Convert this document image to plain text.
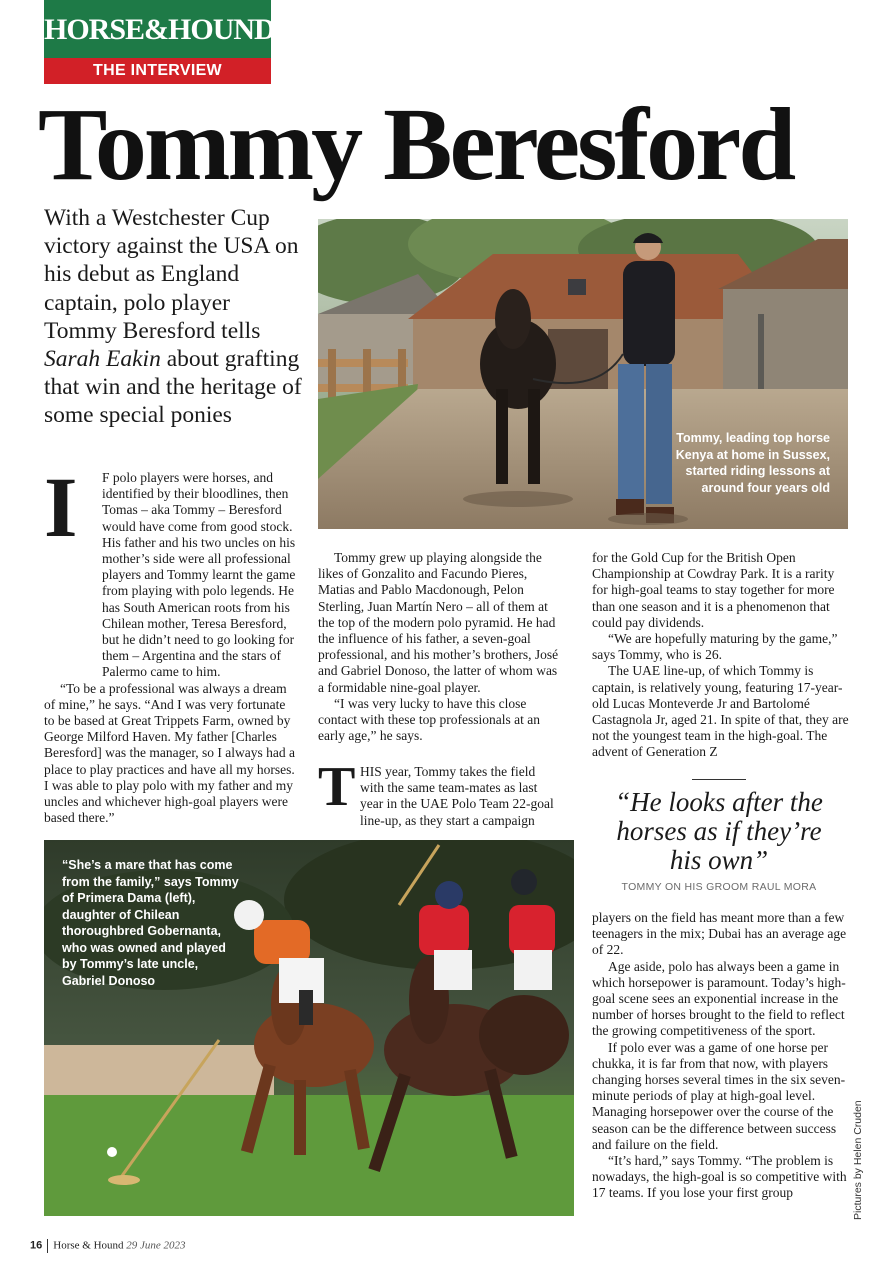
HORSE&HOUND
THE INTERVIEW
Tommy Beresford
With a Westchester Cup victory against the USA on his debut as England captain, polo player Tommy Beresford tells Sarah Eakin about grafting that win and the heritage of some special ponies
Tommy, leading top horse Kenya at home in Sussex, started riding lessons at around four years old
I	F polo players were horses, and identified by their bloodlines, then Tomas – aka Tommy – Beresford would have come from good stock. His father and his two uncles on his mother’s side were all professional players and Tommy learnt the game from playing with polo legends. He has South American roots from his Chilean mother, Teresa Beresford, but he didn’t need to go looking for them – Argentina and the stars of Palermo came to him.

“To be a professional was always a dream of mine,” he says. “And I was very fortunate to be based at Great Trippets Farm, owned by George Milford Haven. My father [Charles Beresford] was the manager, so I always had a place to play practices and have all my horses. I was able to play polo with my father and my uncles and whichever high-goal players were based there.”

Tommy grew up playing alongside the likes of Gonzalito and Facundo Pieres, Matias and Pablo Macdonough, Pelon Sterling, Juan Martín Nero – all of them at the top of the modern polo pyramid. He had the influence of his father, a seven-goal professional, and his mother’s brothers, José and Gabriel Donoso, the latter of whom was a formidable nine-goal player.

“I was very lucky to have this close contact with these top professionals at an early age,” he says.

T HIS year, Tommy takes the field with the same team-mates as last year in the UAE Polo Team 22-goal line-up, as they start a campaign

for the Gold Cup for the British Open Championship at Cowdray Park. It is a rarity for high-goal teams to stay together for more than one season and it is a phenomenon that could pay dividends.

“We are hopefully maturing by the game,” says Tommy, who is 26.

The UAE line-up, of which Tommy is captain, is relatively young, featuring 17-year-old Lucas Monteverde Jr and Bartolomé Castagnola Jr, aged 21. In spite of that, they are not the youngest team in the high-goal. The advent of Generation Z

“He looks after the horses as if they’re his own”
TOMMY ON HIS GROOM RAUL MORA

players on the field has meant more than a few teenagers in the mix; Dubai has an average age of 22.

Age aside, polo has always been a game in which horsepower is paramount. Today’s high-goal scene sees an exponential increase in the number of horses brought to the field to reflect the growing competitiveness of the sport.

If polo ever was a game of one horse per chukka, it is far from that now, with players changing horses several times in the six seven-minute periods of play at high-goal level. Managing horsepower over the course of the season can be the difference between success and failure on the field.

“It’s hard,” says Tommy. “The problem is nowadays, the high-goal is so competitive with 17 teams. If you lose your first group

“She’s a mare that has come from the family,” says Tommy of Primera Dama (left), daughter of Chilean thoroughbred Gobernanta, who was owned and played by Tommy’s late uncle, Gabriel Donoso
Pictures by Helen Cruden
16 Horse & Hound 29 June 2023
